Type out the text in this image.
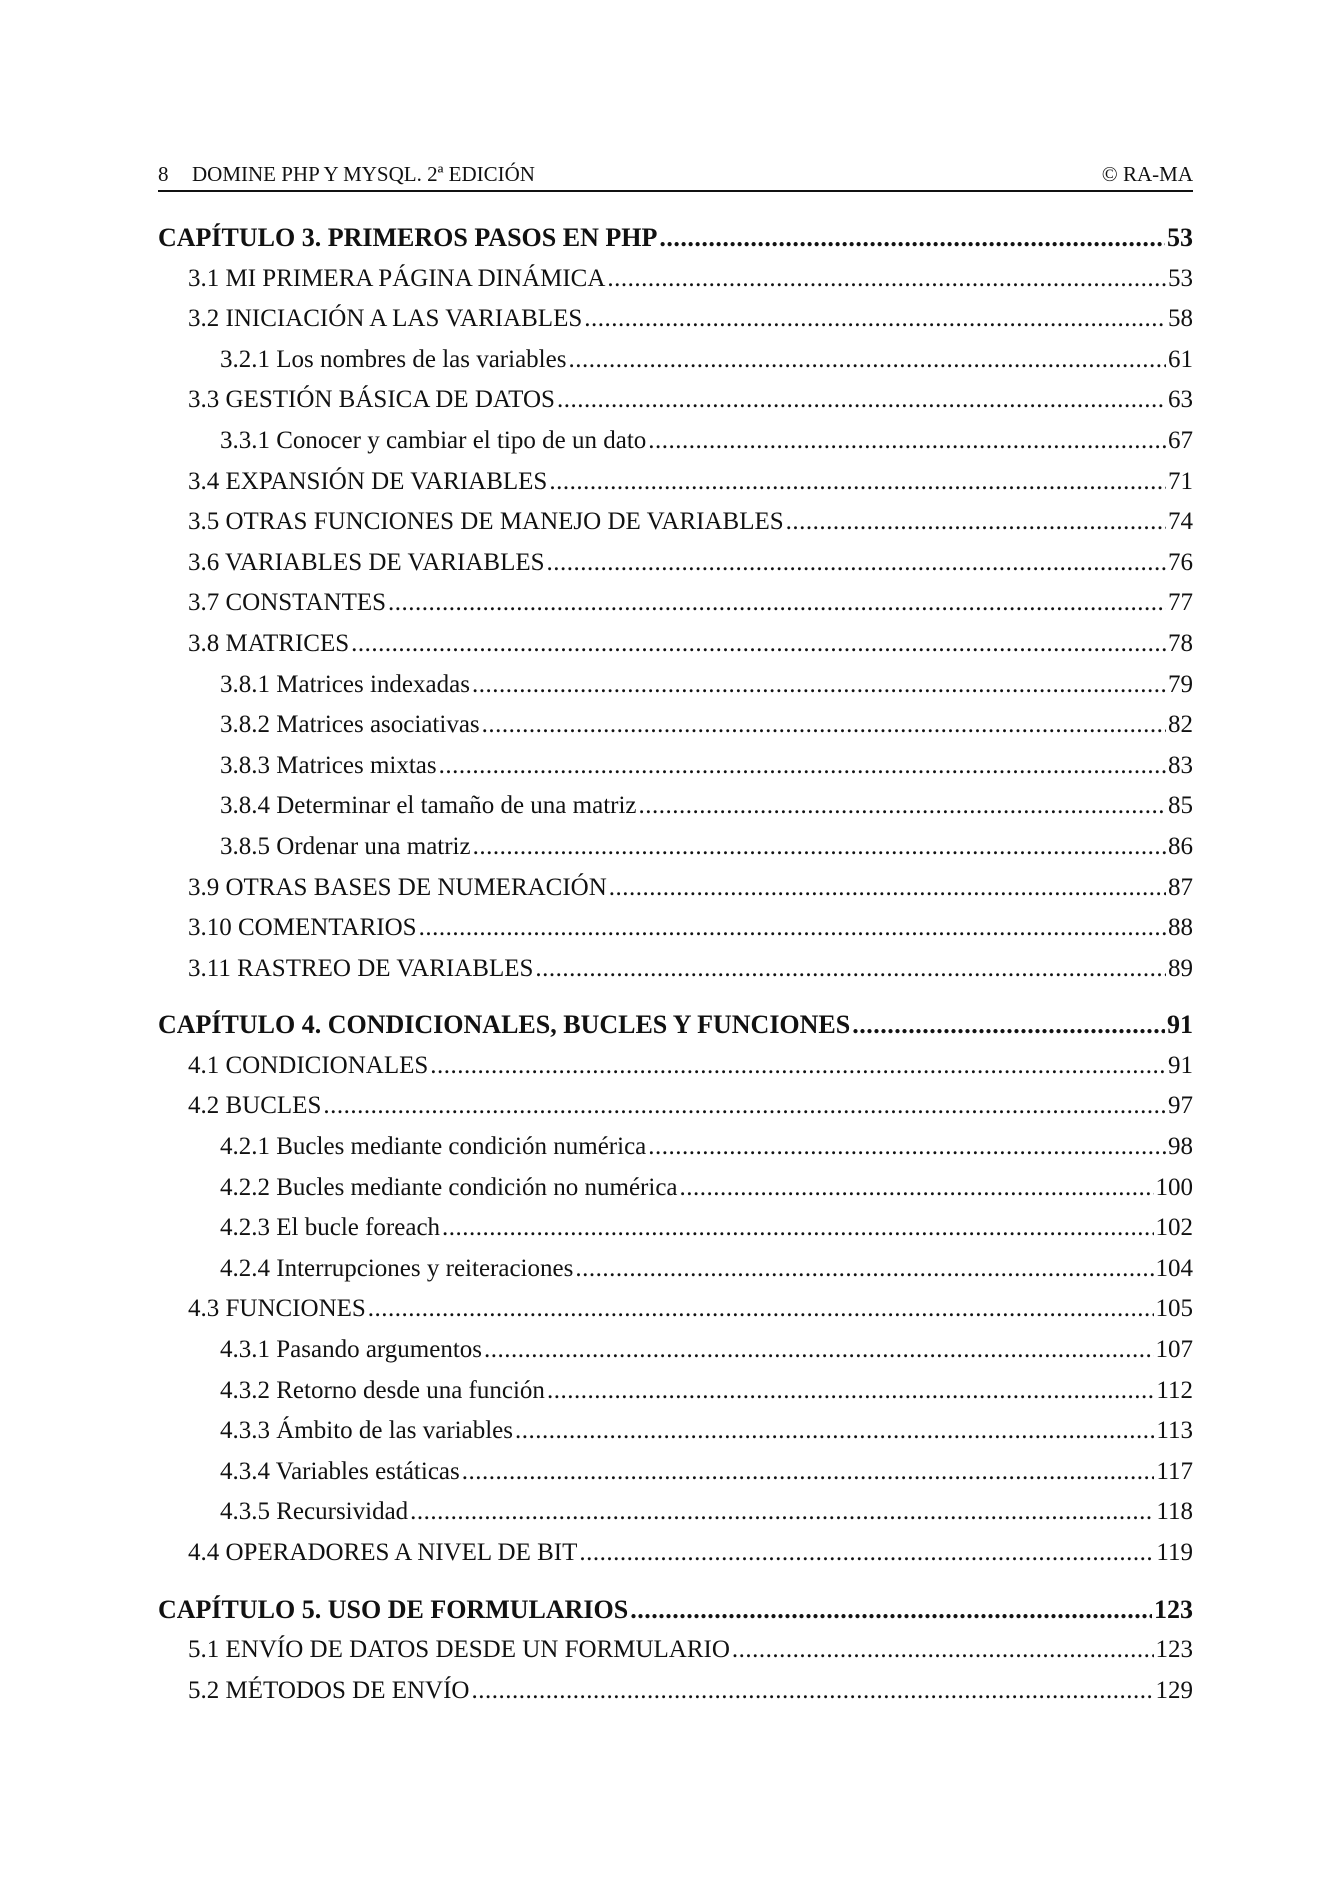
8 DOMINE PHP Y MYSQL. 2ª EDICIÓN	© RA-MA
CAPÍTULO 3. PRIMEROS PASOS EN PHP .....	53
3.1 MI PRIMERA PÁGINA DINÁMICA .....	53
3.2 INICIACIÓN A LAS VARIABLES .....	58
3.2.1 Los nombres de las variables .....	61
3.3 GESTIÓN BÁSICA DE DATOS .....	63
3.3.1 Conocer y cambiar el tipo de un dato .....	67
3.4 EXPANSIÓN DE VARIABLES .....	71
3.5 OTRAS FUNCIONES DE MANEJO DE VARIABLES .....	74
3.6 VARIABLES DE VARIABLES .....	76
3.7 CONSTANTES .....	77
3.8 MATRICES .....	78
3.8.1 Matrices indexadas .....	79
3.8.2 Matrices asociativas .....	82
3.8.3 Matrices mixtas .....	83
3.8.4 Determinar el tamaño de una matriz .....	85
3.8.5 Ordenar una matriz .....	86
3.9 OTRAS BASES DE NUMERACIÓN .....	87
3.10 COMENTARIOS .....	88
3.11 RASTREO DE VARIABLES .....	89
CAPÍTULO 4. CONDICIONALES, BUCLES Y FUNCIONES .....	91
4.1 CONDICIONALES .....	91
4.2 BUCLES .....	97
4.2.1 Bucles mediante condición numérica .....	98
4.2.2 Bucles mediante condición no numérica .....	100
4.2.3 El bucle foreach .....	102
4.2.4 Interrupciones y reiteraciones .....	104
4.3 FUNCIONES .....	105
4.3.1 Pasando argumentos .....	107
4.3.2 Retorno desde una función .....	112
4.3.3 Ámbito de las variables .....	113
4.3.4 Variables estáticas .....	117
4.3.5 Recursividad .....	118
4.4 OPERADORES A NIVEL DE BIT .....	119
CAPÍTULO 5. USO DE FORMULARIOS .....	123
5.1 ENVÍO DE DATOS DESDE UN FORMULARIO .....	123
5.2 MÉTODOS DE ENVÍO .....	129
